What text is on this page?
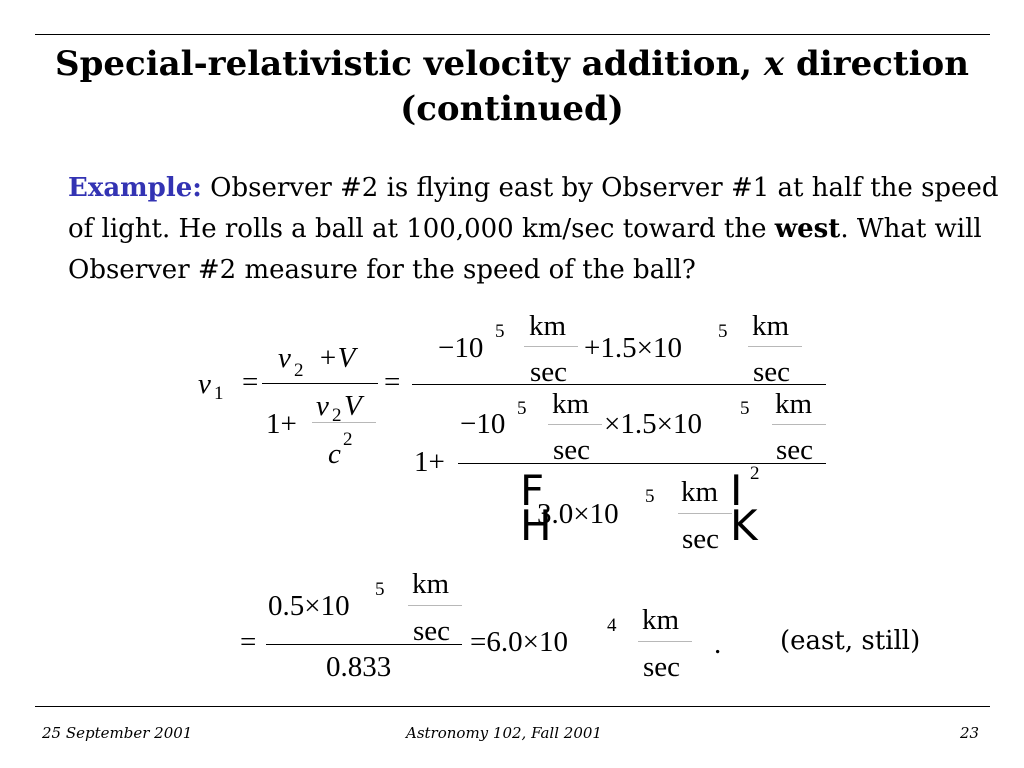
Special-relativistic velocity addition, x direction
(continued)
Example: Observer #2 is flying east by Observer #1 at half the speed of light. He rolls a ball at 100,000 km/sec toward the west. What will Observer #2 measure for the speed of the ball?
v 1 =
v 2 +V
1+
v 2 V
c 2
=
−10
5 km
sec
+1.5×10
5 km
sec
1+
−10 5 km
sec
×1.5×10 5 km
sec
F
H
3.0×10
5 km
sec
I
K
2
=
0.5×10
5 km
sec
0.833
=6.0×10
4 km
sec
. (east, still)
25 September 2001	Astronomy 102, Fall 2001	23
